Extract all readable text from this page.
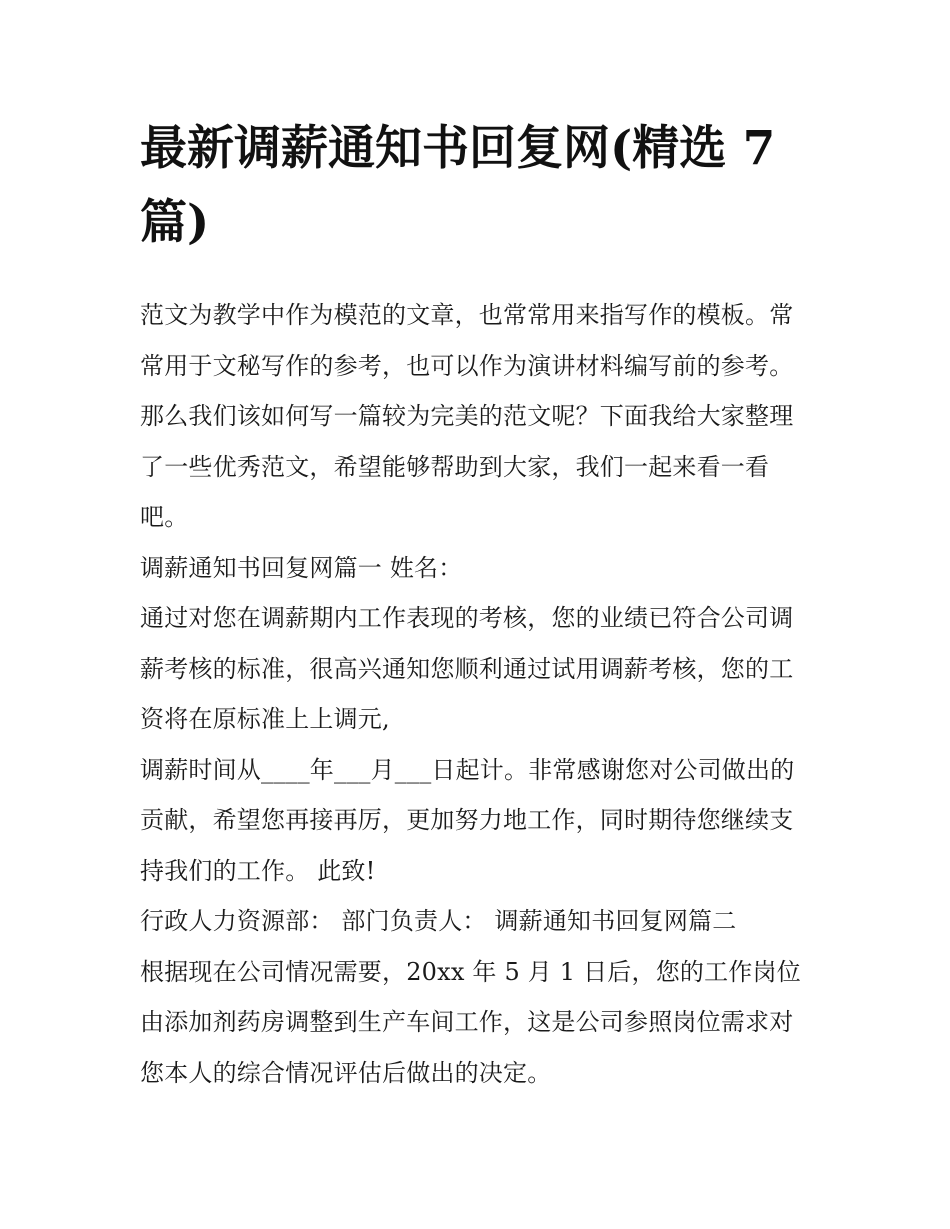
最新调薪通知书回复网(精选 7 篇)

范文为教学中作为模范的文章，也常常用来指写作的模板。常常用于文秘写作的参考，也可以作为演讲材料编写前的参考。那么我们该如何写一篇较为完美的范文呢？下面我给大家整理了一些优秀范文，希望能够帮助到大家，我们一起来看一看吧。

调薪通知书回复网篇一 姓名：

通过对您在调薪期内工作表现的考核，您的业绩已符合公司调薪考核的标准，很高兴通知您顺利通过试用调薪考核，您的工资将在原标准上上调元,

调薪时间从____年___月___日起计。非常感谢您对公司做出的贡献，希望您再接再厉，更加努力地工作，同时期待您继续支持我们的工作。 此致!

行政人力资源部： 部门负责人： 调薪通知书回复网篇二

根据现在公司情况需要，20xx 年 5 月 1 日后，您的工作岗位由添加剂药房调整到生产车间工作，这是公司参照岗位需求对您本人的综合情况评估后做出的决定。
